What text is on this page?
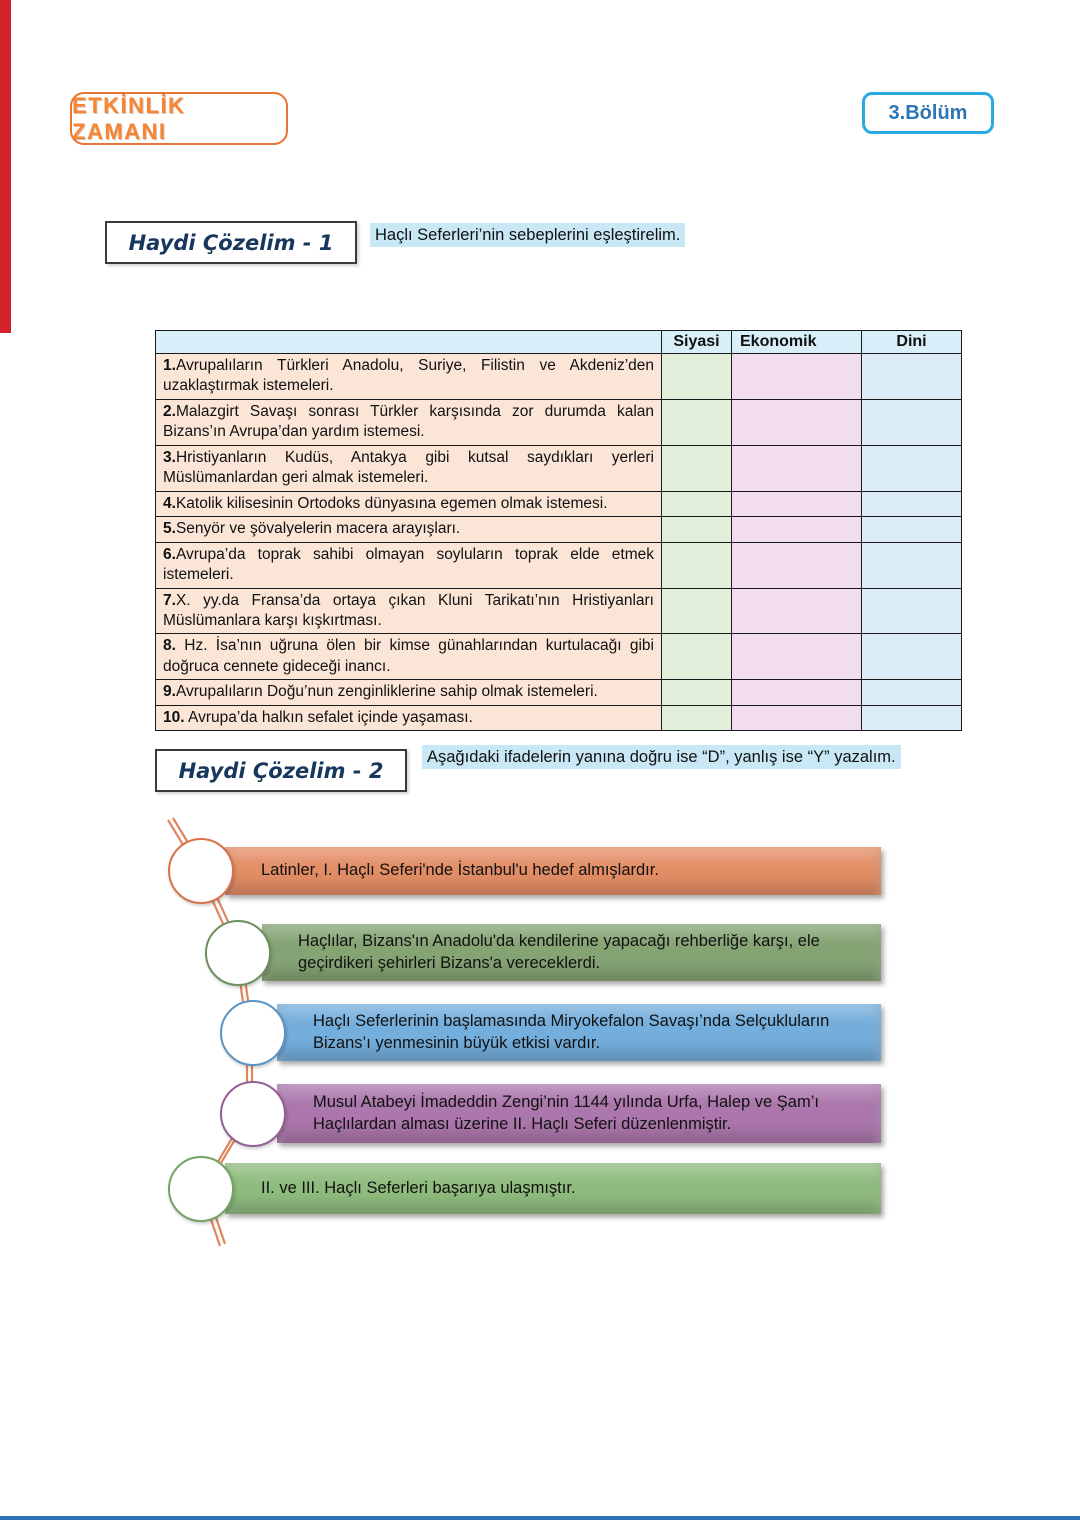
ETKİNLİK ZAMANI
3.Bölüm
Haydi Çözelim - 1	Haçlı Seferleri’nin sebeplerini eşleştirelim.
	Siyasi	Ekonomik	Dini
1.Avrupalıların Türkleri Anadolu, Suriye, Filistin ve Akdeniz’den uzaklaştırmak istemeleri.			
2.Malazgirt Savaşı sonrası Türkler karşısında zor durumda kalan Bizans’ın Avrupa’dan yardım istemesi.			
3.Hristiyanların Kudüs, Antakya gibi kutsal saydıkları yerleri Müslümanlardan geri almak istemeleri.			
4.Katolik kilisesinin Ortodoks dünyasına egemen olmak istemesi.			
5.Senyör ve şövalyelerin macera arayışları.			
6.Avrupa’da toprak sahibi olmayan soyluların toprak elde etmek istemeleri.			
7.X. yy.da Fransa’da ortaya çıkan Kluni Tarikatı’nın Hristiyanları Müslümanlara karşı kışkırtması.			
8. Hz. İsa’nın uğruna ölen bir kimse günahlarından kurtulacağı gibi doğruca cennete gideceği inancı.			
9.Avrupalıların Doğu’nun zenginliklerine sahip olmak istemeleri.			
10. Avrupa’da halkın sefalet içinde yaşaması.			
Haydi Çözelim - 2
Aşağıdaki ifadelerin yanına doğru ise “D”, yanlış ise “Y” yazalım.
Latinler, I. Haçlı Seferi'nde İstanbul'u hedef almışlardır.
Haçlılar, Bizans'ın Anadolu'da kendilerine yapacağı rehberliğe karşı, ele geçirdikeri şehirleri Bizans'a vereceklerdi.
Haçlı Seferlerinin başlamasında Miryokefalon Savaşı’nda Selçukluların Bizans’ı yenmesinin büyük etkisi vardır.
Musul Atabeyi İmadeddin Zengi’nin 1144 yılında Urfa, Halep ve Şam’ı Haçlılardan alması üzerine II. Haçlı Seferi düzenlenmiştir.
II. ve III. Haçlı Seferleri başarıya ulaşmıştır.
